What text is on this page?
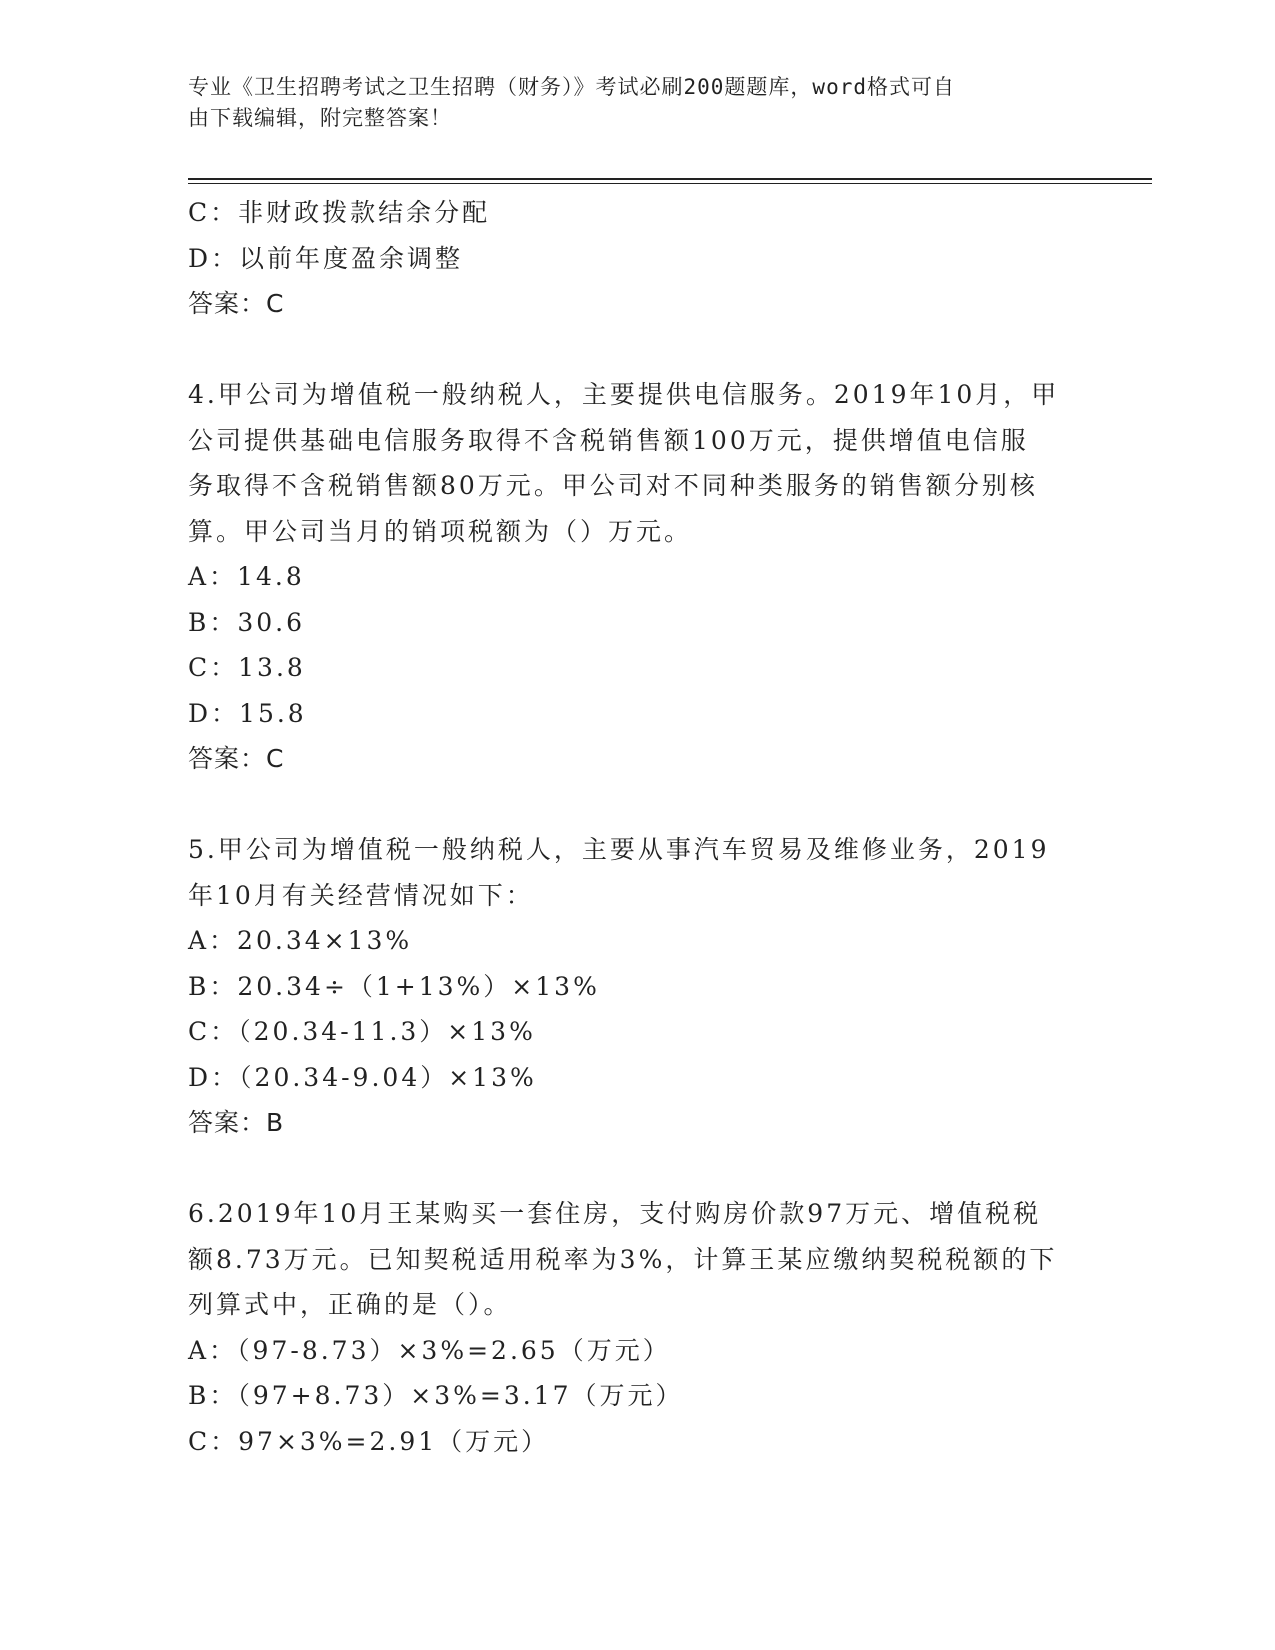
专业《卫生招聘考试之卫生招聘（财务）》考试必刷200题题库，word格式可自
由下载编辑，附完整答案！
C：非财政拨款结余分配
D：以前年度盈余调整
答案：C
4.甲公司为增值税一般纳税人，主要提供电信服务。2019年10月，甲
公司提供基础电信服务取得不含税销售额100万元，提供增值电信服
务取得不含税销售额80万元。甲公司对不同种类服务的销售额分别核
算。甲公司当月的销项税额为（）万元。
A：14.8
B：30.6
C：13.8
D：15.8
答案：C
5.甲公司为增值税一般纳税人，主要从事汽车贸易及维修业务，2019
年10月有关经营情况如下：
A：20.34×13%
B：20.34÷（1+13%）×13%
C：（20.34-11.3）×13%
D：（20.34-9.04）×13%
答案：B
6.2019年10月王某购买一套住房，支付购房价款97万元、增值税税
额8.73万元。已知契税适用税率为3%，计算王某应缴纳契税税额的下
列算式中，正确的是（）。
A：（97-8.73）×3%=2.65（万元）
B：（97+8.73）×3%=3.17（万元）
C：97×3%=2.91（万元）
